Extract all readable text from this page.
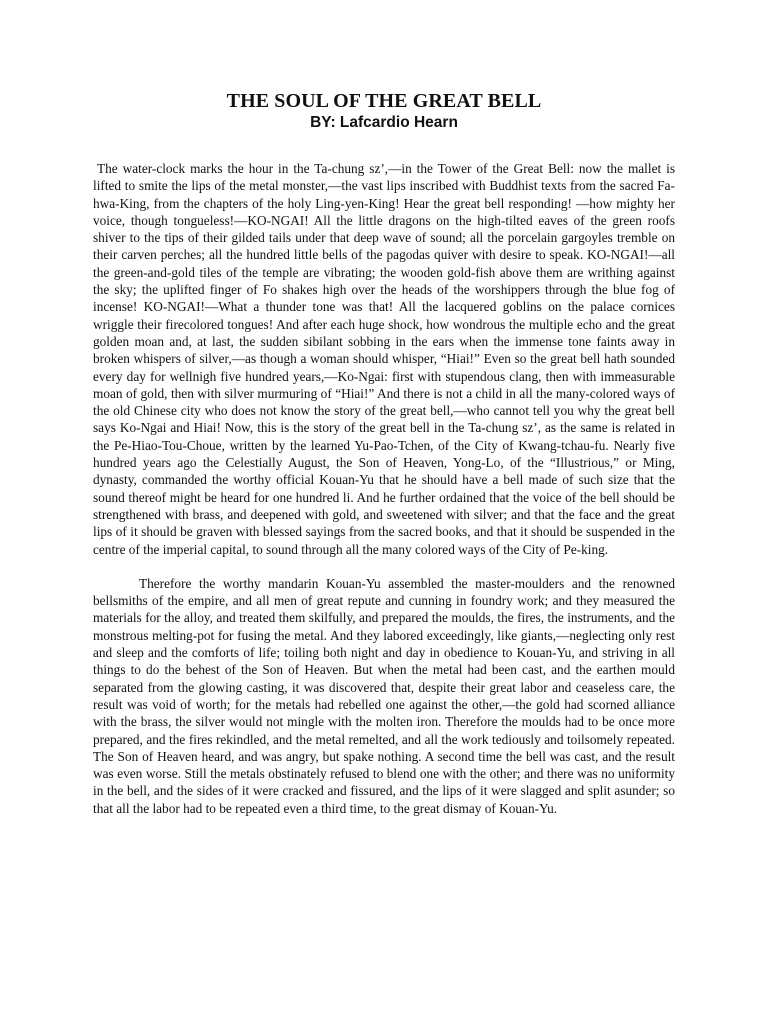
THE SOUL OF THE GREAT BELL
BY: Lafcardio Hearn

The water-clock marks the hour in the Ta-chung sz’,—in the Tower of the Great Bell: now the mallet is lifted to smite the lips of the metal monster,—the vast lips inscribed with Buddhist texts from the sacred Fa-hwa-King, from the chapters of the holy Ling-yen-King! Hear the great bell responding! —how mighty her voice, though tongueless!—KO-NGAI! All the little dragons on the high-tilted eaves of the green roofs shiver to the tips of their gilded tails under that deep wave of sound; all the porcelain gargoyles tremble on their carven perches; all the hundred little bells of the pagodas quiver with desire to speak. KO-NGAI!—all the green-and-gold tiles of the temple are vibrating; the wooden gold-fish above them are writhing against the sky; the uplifted finger of Fo shakes high over the heads of the worshippers through the blue fog of incense! KO-NGAI!—What a thunder tone was that! All the lacquered goblins on the palace cornices wriggle their firecolored tongues! And after each huge shock, how wondrous the multiple echo and the great golden moan and, at last, the sudden sibilant sobbing in the ears when the immense tone faints away in broken whispers of silver,—as though a woman should whisper, “Hiai!” Even so the great bell hath sounded every day for wellnigh five hundred years,—Ko-Ngai: first with stupendous clang, then with immeasurable moan of gold, then with silver murmuring of “Hiai!” And there is not a child in all the many-colored ways of the old Chinese city who does not know the story of the great bell,—who cannot tell you why the great bell says Ko-Ngai and Hiai! Now, this is the story of the great bell in the Ta-chung sz’, as the same is related in the Pe-Hiao-Tou-Choue, written by the learned Yu-Pao-Tchen, of the City of Kwang-tchau-fu. Nearly five hundred years ago the Celestially August, the Son of Heaven, Yong-Lo, of the “Illustrious,” or Ming, dynasty, commanded the worthy official Kouan-Yu that he should have a bell made of such size that the sound thereof might be heard for one hundred li. And he further ordained that the voice of the bell should be strengthened with brass, and deepened with gold, and sweetened with silver; and that the face and the great lips of it should be graven with blessed sayings from the sacred books, and that it should be suspended in the centre of the imperial capital, to sound through all the many colored ways of the City of Pe-king.

Therefore the worthy mandarin Kouan-Yu assembled the master-moulders and the renowned bellsmiths of the empire, and all men of great repute and cunning in foundry work; and they measured the materials for the alloy, and treated them skilfully, and prepared the moulds, the fires, the instruments, and the monstrous melting-pot for fusing the metal. And they labored exceedingly, like giants,—neglecting only rest and sleep and the comforts of life; toiling both night and day in obedience to Kouan-Yu, and striving in all things to do the behest of the Son of Heaven. But when the metal had been cast, and the earthen mould separated from the glowing casting, it was discovered that, despite their great labor and ceaseless care, the result was void of worth; for the metals had rebelled one against the other,—the gold had scorned alliance with the brass, the silver would not mingle with the molten iron. Therefore the moulds had to be once more prepared, and the fires rekindled, and the metal remelted, and all the work tediously and toilsomely repeated. The Son of Heaven heard, and was angry, but spake nothing. A second time the bell was cast, and the result was even worse. Still the metals obstinately refused to blend one with the other; and there was no uniformity in the bell, and the sides of it were cracked and fissured, and the lips of it were slagged and split asunder; so that all the labor had to be repeated even a third time, to the great dismay of Kouan-Yu.
